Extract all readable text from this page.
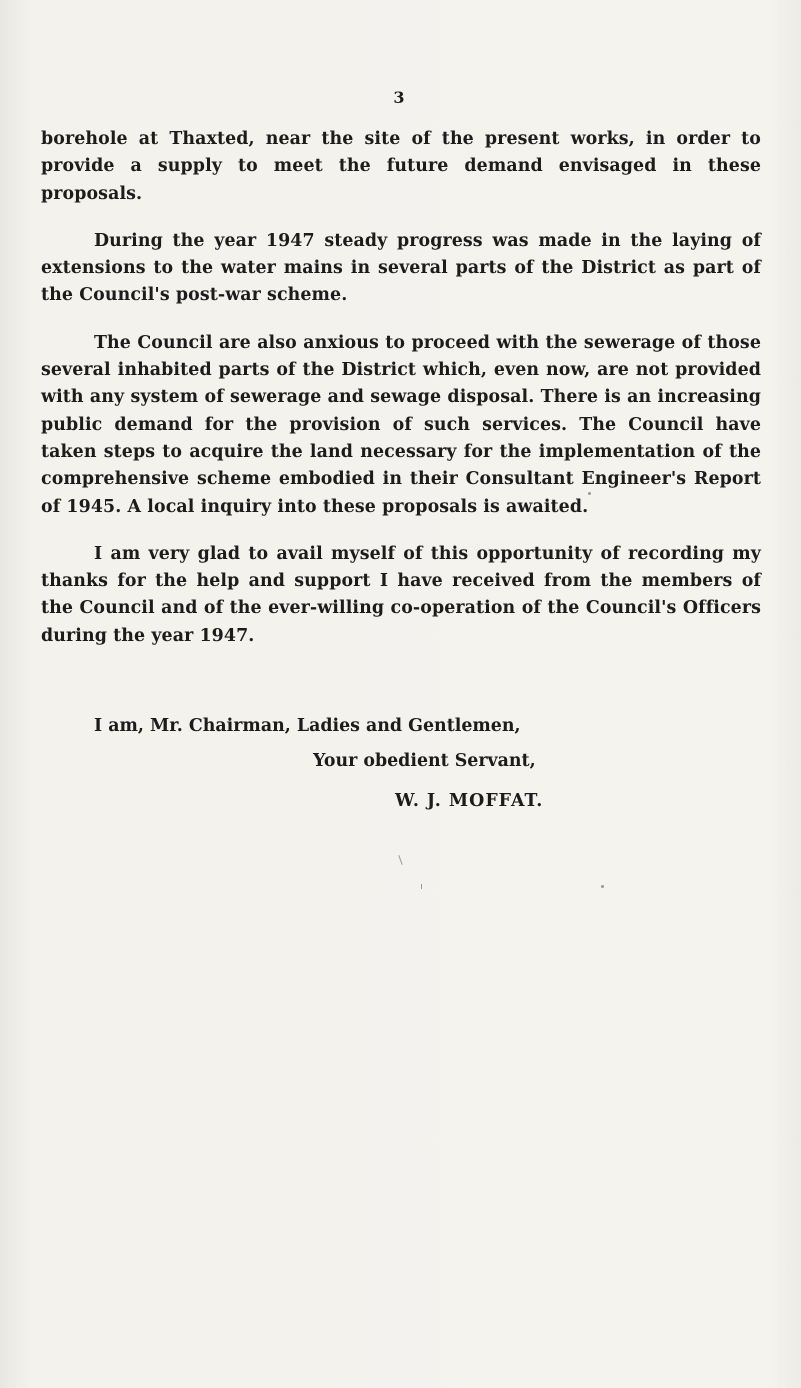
3

borehole at Thaxted, near the site of the present works, in order to provide a supply to meet the future demand envisaged in these proposals.

During the year 1947 steady progress was made in the laying of extensions to the water mains in several parts of the District as part of the Council's post-war scheme.

The Council are also anxious to proceed with the sewerage of those several inhabited parts of the District which, even now, are not provided with any system of sewerage and sewage disposal. There is an increasing public demand for the provision of such services. The Council have taken steps to acquire the land necessary for the implementation of the comprehensive scheme embodied in their Consultant Engineer's Report of 1945. A local inquiry into these proposals is awaited.

I am very glad to avail myself of this opportunity of recording my thanks for the help and support I have received from the members of the Council and of the ever-willing co-operation of the Council's Officers during the year 1947.

I am, Mr. Chairman, Ladies and Gentlemen,
Your obedient Servant,
W. J. MOFFAT.
